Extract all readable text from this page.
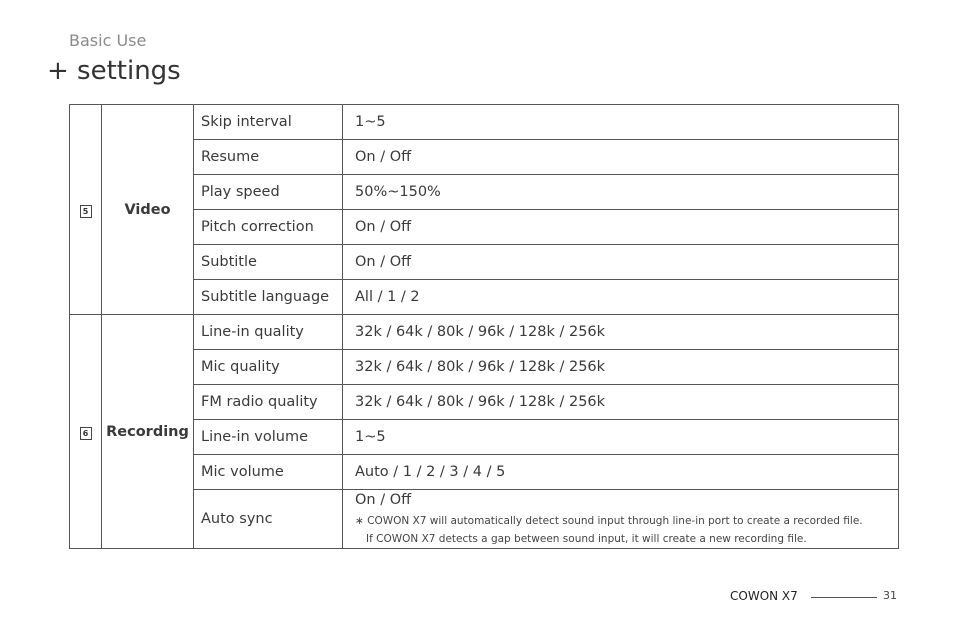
Basic Use
+ settings
5	Video	Skip interval	1~5
		Resume	On / Off
		Play speed	50%~150%
		Pitch correction	On / Off
		Subtitle	On / Off
		Subtitle language	All / 1 / 2
6	Recording	Line-in quality	32k / 64k / 80k / 96k / 128k / 256k
		Mic quality	32k / 64k / 80k / 96k / 128k / 256k
		FM radio quality	32k / 64k / 80k / 96k / 128k / 256k
		Line-in volume	1~5
		Mic volume	Auto / 1 / 2 / 3 / 4 / 5
		Auto sync	On / Off
∗ COWON X7 will automatically detect sound input through line-in port to create a recorded file.
If COWON X7 detects a gap between sound input, it will create a new recording file.
COWON X7	31
